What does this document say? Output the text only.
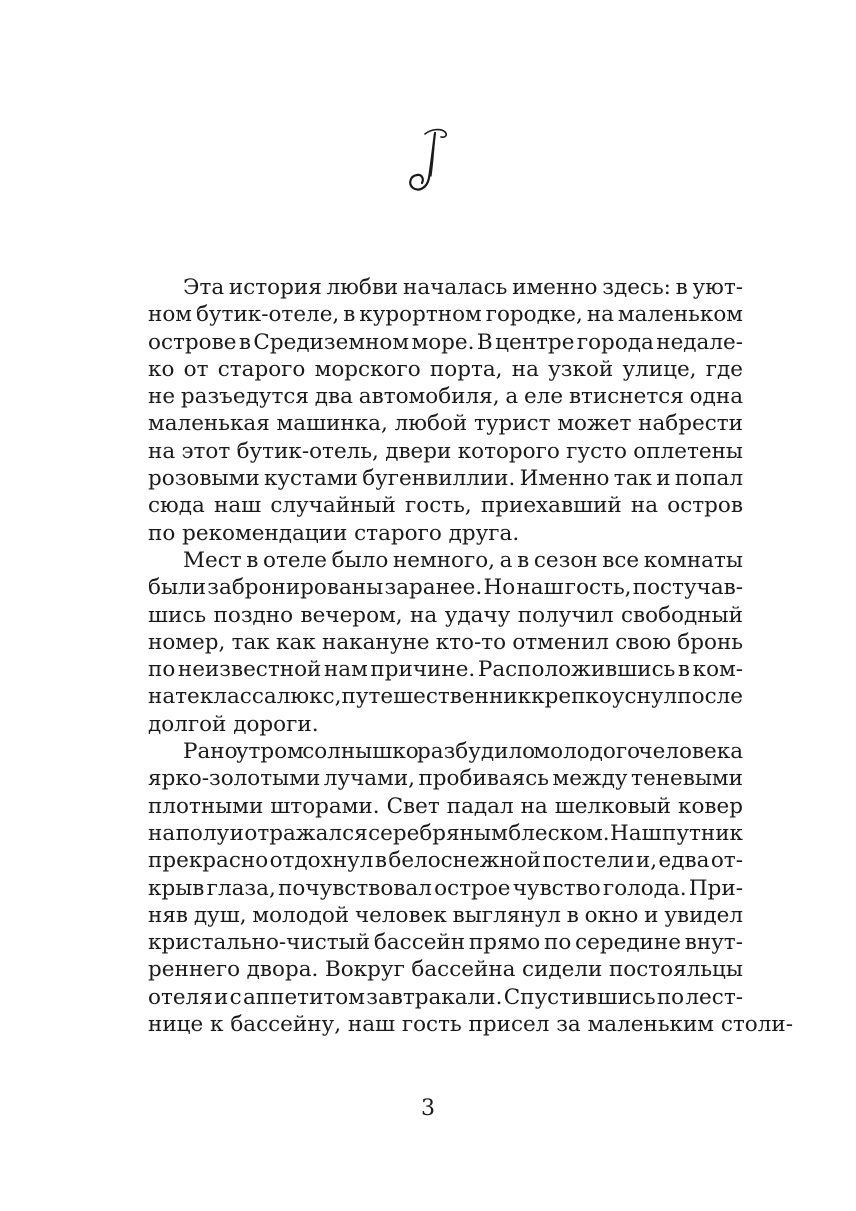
Эта история любви началась именно здесь: в уют-
ном бутик-отеле, в курортном городке, на маленьком
острове в Средиземном море. В центре города недале-
ко от старого морского порта, на узкой улице, где
не разъедутся два автомобиля, а еле втиснется одна
маленькая машинка, любой турист может набрести
на этот бутик-отель, двери которого густо оплетены
розовыми кустами бугенвиллии. Именно так и попал
сюда наш случайный гость, приехавший на остров
по рекомендации старого друга.

Мест в отеле было немного, а в сезон все комнаты
были забронированы заранее. Но наш гость, постучав-
шись поздно вечером, на удачу получил свободный
номер, так как накануне кто-то отменил свою бронь
по неизвестной нам причине. Расположившись в ком-
нате класса люкс, путешественник крепко уснул после
долгой дороги.

Рано утром солнышко разбудило молодого человека
ярко-золотыми лучами, пробиваясь между теневыми
плотными шторами. Свет падал на шелковый ковер
на полу и отражался серебряным блеском. Наш путник
прекрасно отдохнул в белоснежной постели и, едва от-
крыв глаза, почувствовал острое чувство голода. При-
няв душ, молодой человек выглянул в окно и увидел
кристально-чистый бассейн прямо по середине внут-
реннего двора. Вокруг бассейна сидели постояльцы
отеля и с аппетитом завтракали. Спустившись по лест-
нице к бассейну, наш гость присел за маленьким столи-

3
